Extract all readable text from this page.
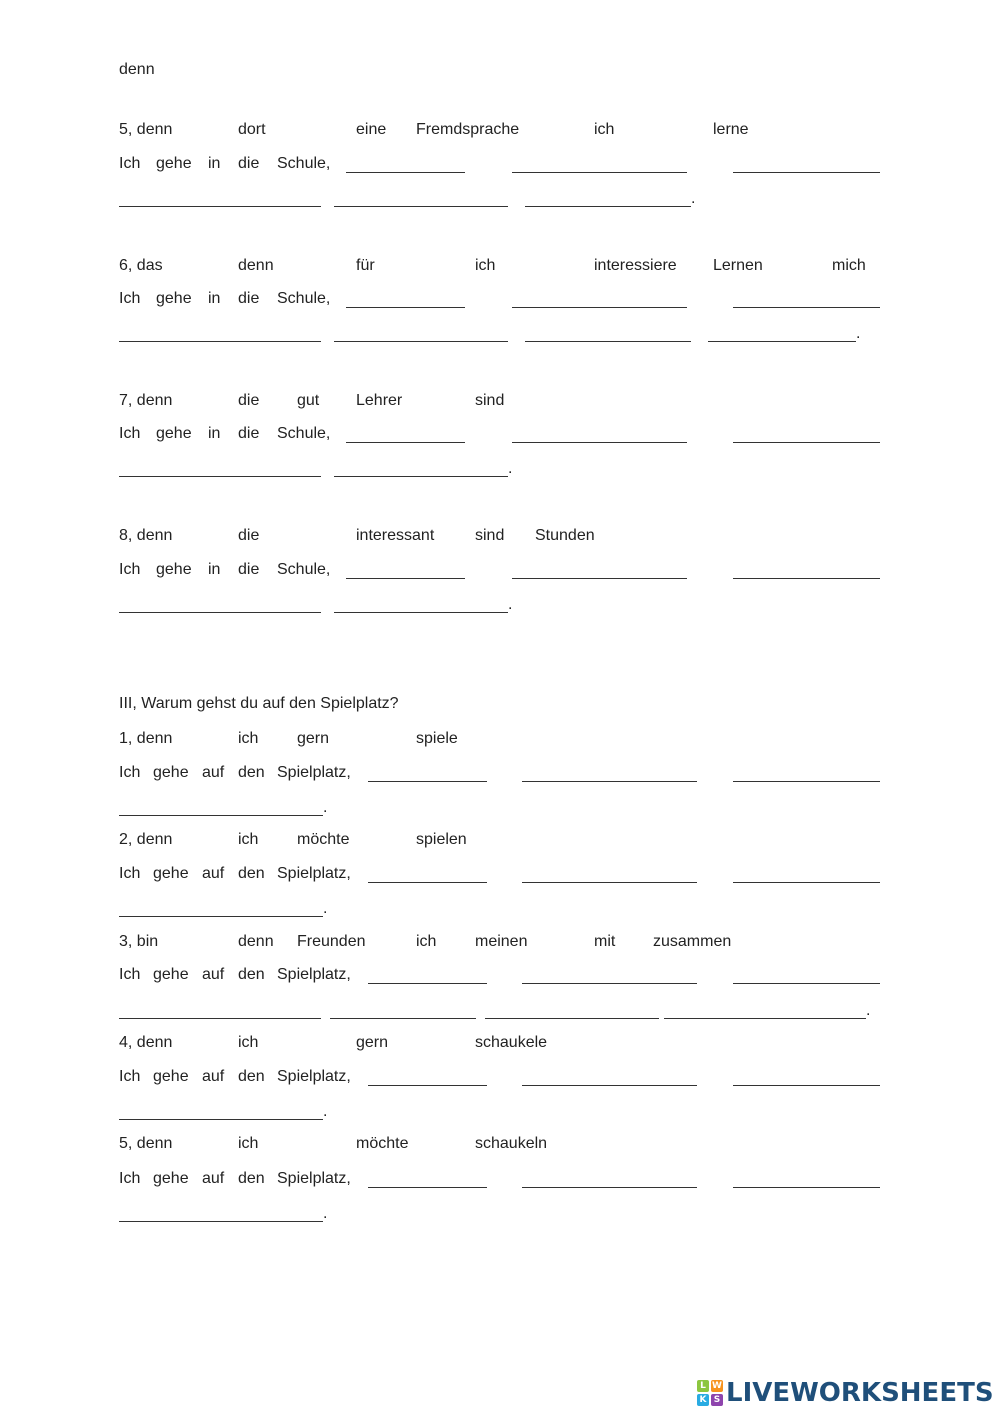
denn
5, denn	dort	eine Fremdsprache	ich	lerne
Ich gehe in die Schule,
.
6, das	denn	für	ich	interessiere Lernen	mich
Ich gehe in die Schule,
.
7, denn	die gut Lehrer	sind
Ich gehe in die Schule,
.
8, denn	die	interessant	sind Stunden
Ich gehe in die Schule,
.
III, Warum gehst du auf den Spielplatz?
1, denn	ich gern	spiele
Ich gehe auf den Spielplatz,
.
2, denn	ich möchte	spielen
Ich gehe auf den Spielplatz,
.
3, bin	denn Freunden	ich meinen	mit zusammen
Ich gehe auf den Spielplatz,
.
4, denn	ich	gern	schaukele
Ich gehe auf den Spielplatz,
.
5, denn	ich	möchte	schaukeln
Ich gehe auf den Spielplatz,
.
L W
K S LIVEWORKSHEETS
